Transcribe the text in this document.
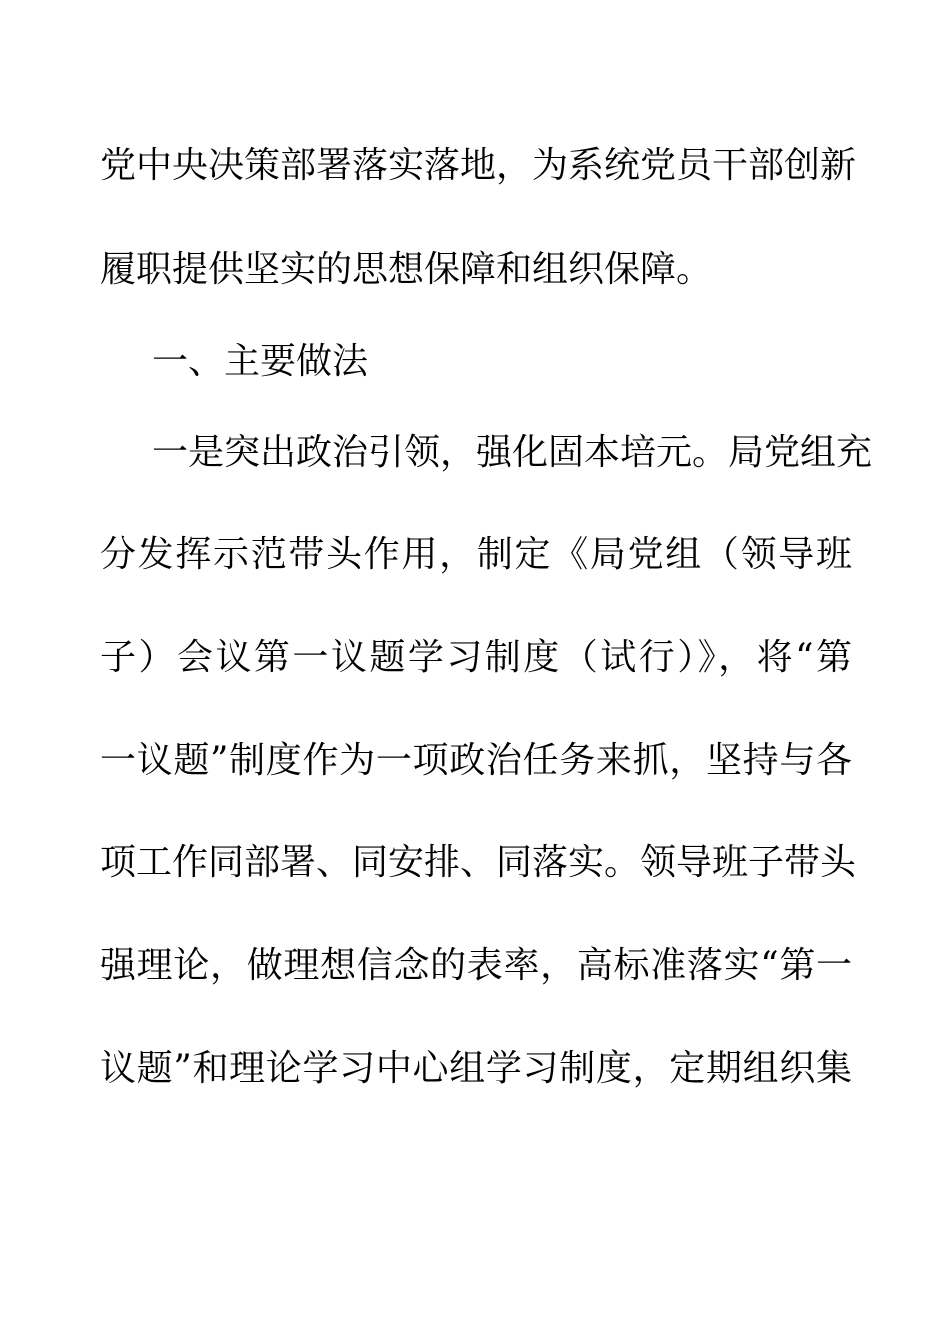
党中央决策部署落实落地，为系统党员干部创新
履职提供坚实的思想保障和组织保障。
一、主要做法
一是突出政治引领，强化固本培元。局党组充
分发挥示范带头作用，制定《局党组（领导班
子）会议第一议题学习制度（试行）》，将“第
一议题”制度作为一项政治任务来抓，坚持与各
项工作同部署、同安排、同落实。领导班子带头
强理论，做理想信念的表率，高标准落实“第一
议题”和理论学习中心组学习制度，定期组织集
